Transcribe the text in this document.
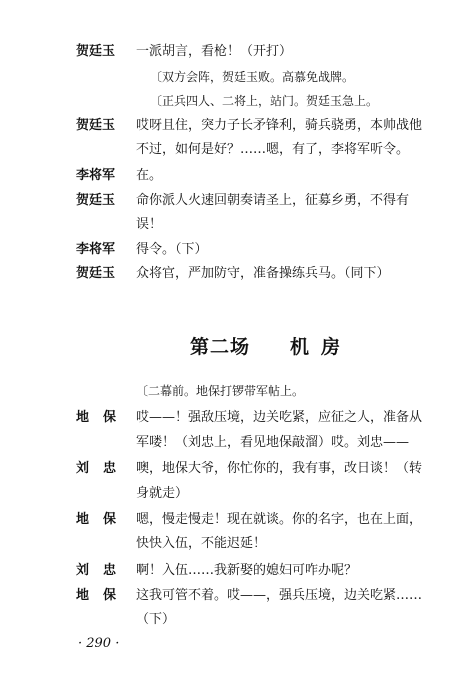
贺廷玉 一派胡言，看枪！（开打）
〔双方会阵，贺廷玉败。高慕免战牌。
〔正兵四人、二将上，站门。贺廷玉急上。
贺廷玉 哎呀且住，突力子长矛锋利，骑兵骁勇，本帅战他
不过，如何是好？……嗯，有了，李将军听令。
李将军 在。
贺廷玉 命你派人火速回朝奏请圣上，征募乡勇，不得有
误！
李将军 得令。（下）
贺廷玉 众将官，严加防守，准备操练兵马。（同下）
第二场 机房
〔二幕前。地保打锣带军帖上。
地保 哎——！强敌压境，边关吃紧，应征之人，准备从
军喽！（刘忠上，看见地保敲溜）哎。刘忠——
刘忠 噢，地保大爷，你忙你的，我有事，改日谈！（转
身就走）
地保 嗯，慢走慢走！现在就谈。你的名字，也在上面，
快快入伍，不能迟延！
刘忠 啊！入伍……我新娶的媳妇可咋办呢？
地保 这我可管不着。哎——，强兵压境，边关吃紧……
（下）
· 290 ·
